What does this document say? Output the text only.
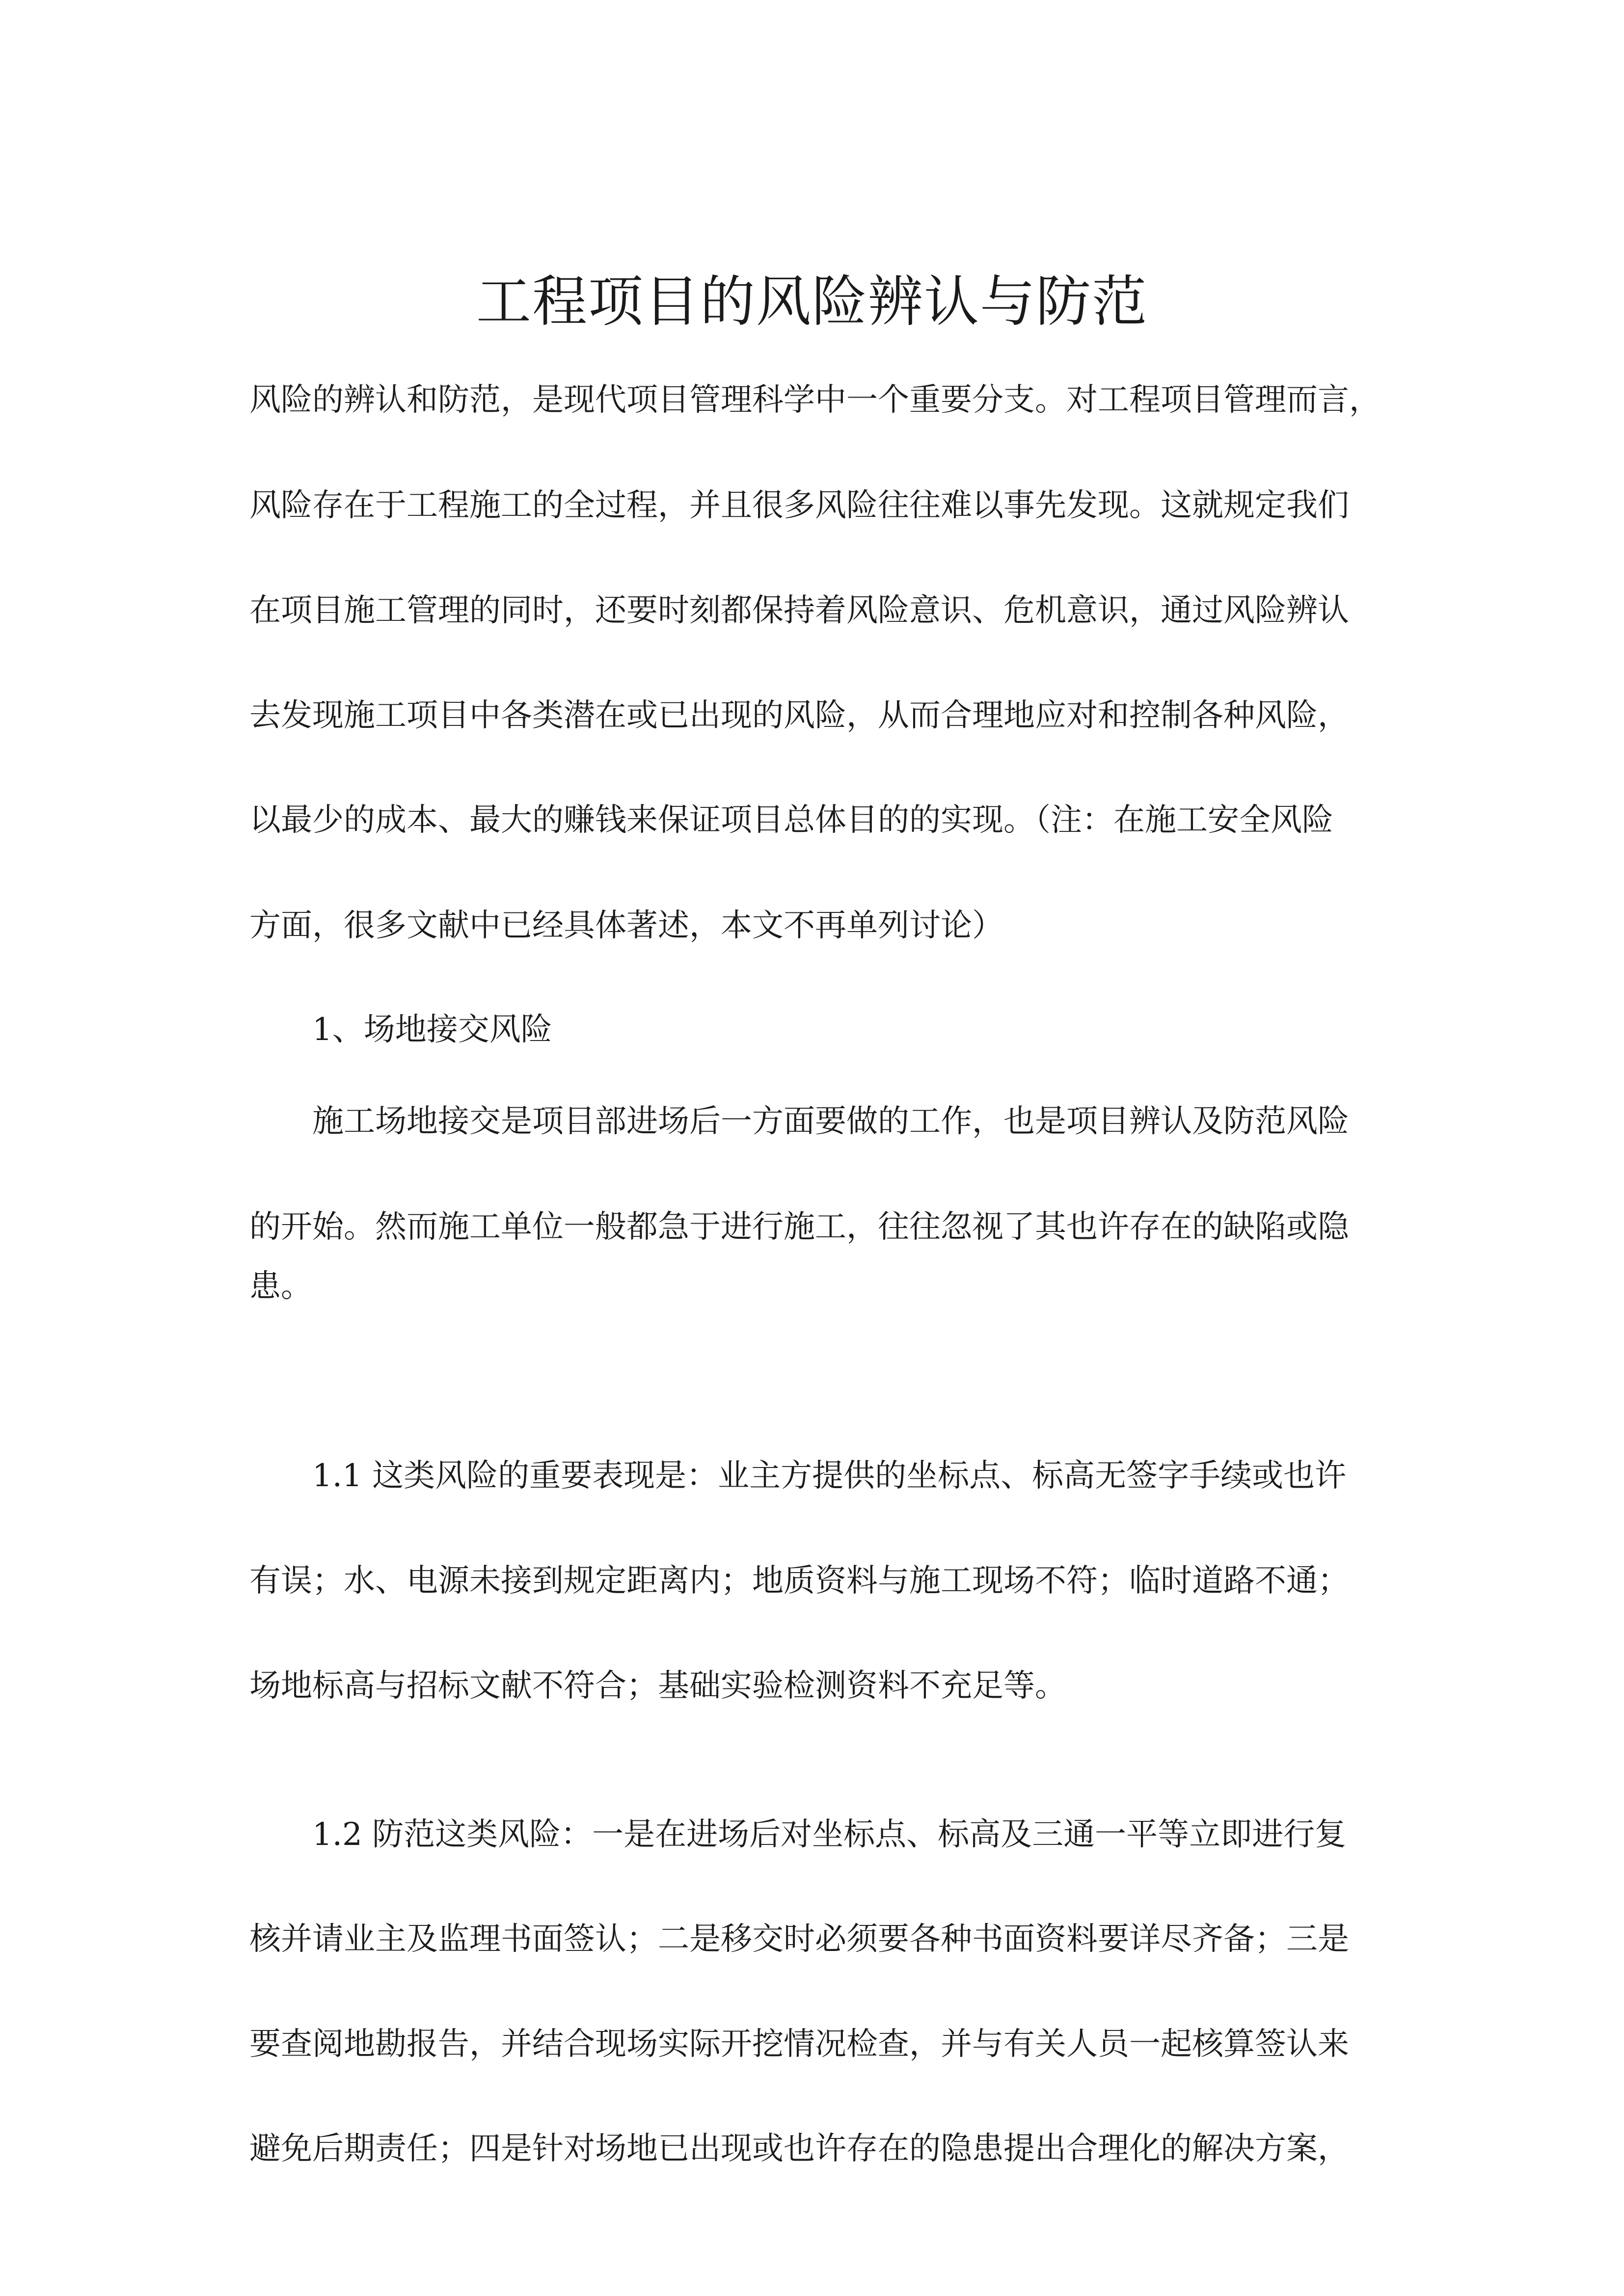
工程项目的风险辨认与防范

风险的辨认和防范，是现代项目管理科学中一个重要分支。对工程项目管理而言，

风险存在于工程施工的全过程，并且很多风险往往难以事先发现。这就规定我们

在项目施工管理的同时，还要时刻都保持着风险意识、危机意识，通过风险辨认

去发现施工项目中各类潜在或已出现的风险，从而合理地应对和控制各种风险，

以最少的成本、最大的赚钱来保证项目总体目的的实现。（注：在施工安全风险

方面，很多文献中已经具体著述，本文不再单列讨论）

1、场地接交风险

施工场地接交是项目部进场后一方面要做的工作，也是项目辨认及防范风险

的开始。然而施工单位一般都急于进行施工，往往忽视了其也许存在的缺陷或隐

患。

1.1 这类风险的重要表现是：业主方提供的坐标点、标高无签字手续或也许

有误；水、电源未接到规定距离内；地质资料与施工现场不符；临时道路不通；

场地标高与招标文献不符合；基础实验检测资料不充足等。

1.2 防范这类风险：一是在进场后对坐标点、标高及三通一平等立即进行复

核并请业主及监理书面签认；二是移交时必须要各种书面资料要详尽齐备；三是

要查阅地勘报告，并结合现场实际开挖情况检查，并与有关人员一起核算签认来

避免后期责任；四是针对场地已出现或也许存在的隐患提出合理化的解决方案，
